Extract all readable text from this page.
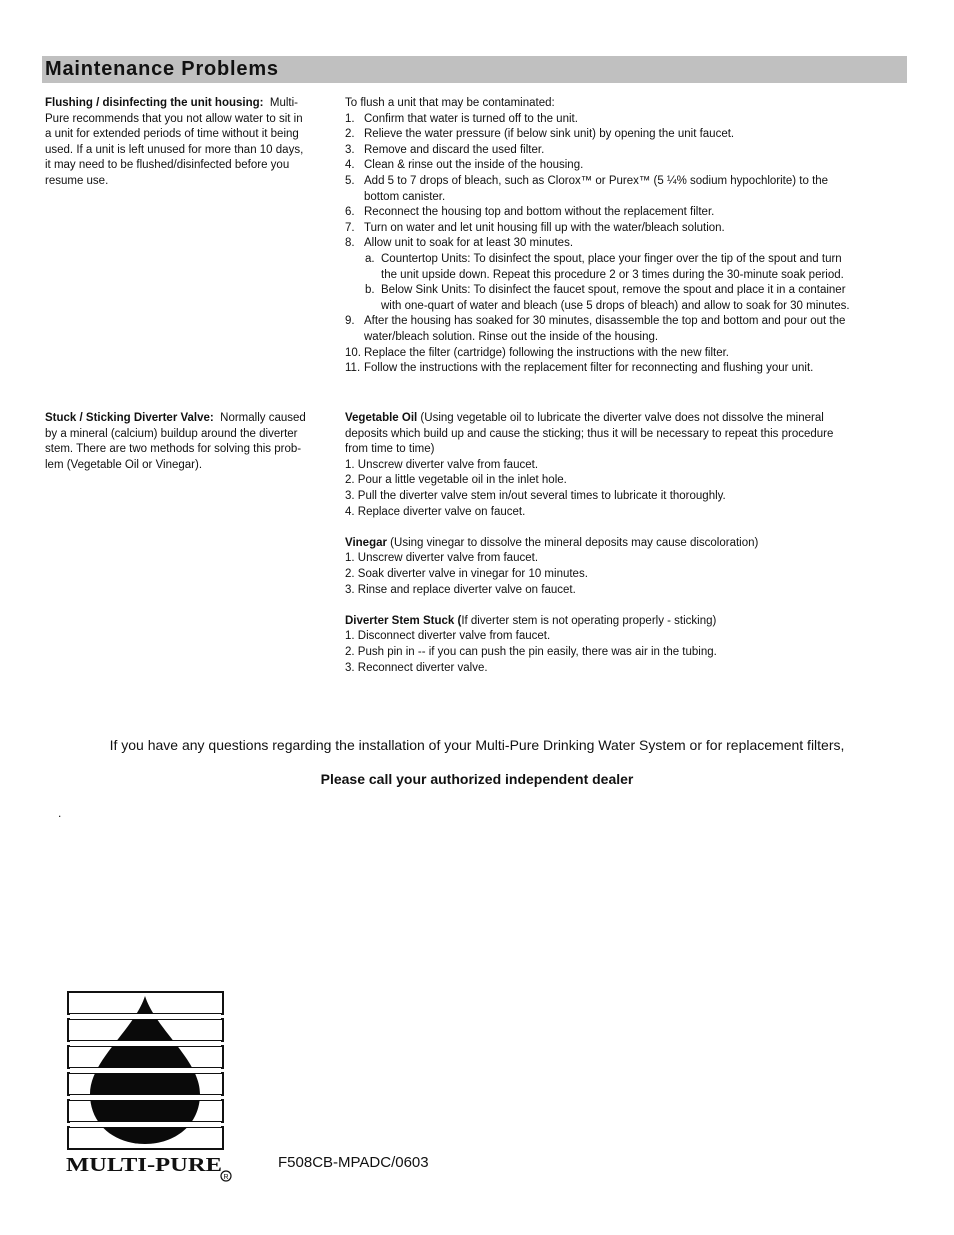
Maintenance Problems
Flushing / disinfecting the unit housing: Multi-
Pure recommends that you not allow water to sit in
a unit for extended periods of time without it being
used. If a unit is left unused for more than 10 days,
it may need to be flushed/disinfected before you
resume use.
To flush a unit that may be contaminated:
1. Confirm that water is turned off to the unit.
2. Relieve the water pressure (if below sink unit) by opening the unit faucet.
3. Remove and discard the used filter.
4. Clean & rinse out the inside of the housing.
5. Add 5 to 7 drops of bleach, such as Clorox™ or Purex™ (5 ¼% sodium hypochlorite) to the
bottom canister.
6. Reconnect the housing top and bottom without the replacement filter.
7. Turn on water and let unit housing fill up with the water/bleach solution.
8. Allow unit to soak for at least 30 minutes.
a. Countertop Units: To disinfect the spout, place your finger over the tip of the spout and turn
the unit upside down. Repeat this procedure 2 or 3 times during the 30-minute soak period.
b. Below Sink Units: To disinfect the faucet spout, remove the spout and place it in a container
with one-quart of water and bleach (use 5 drops of bleach) and allow to soak for 30 minutes.
9. After the housing has soaked for 30 minutes, disassemble the top and bottom and pour out the
water/bleach solution. Rinse out the inside of the housing.
10. Replace the filter (cartridge) following the instructions with the new filter.
11. Follow the instructions with the replacement filter for reconnecting and flushing your unit.
Stuck / Sticking Diverter Valve: Normally caused
by a mineral (calcium) buildup around the diverter
stem. There are two methods for solving this prob-
lem (Vegetable Oil or Vinegar).
Vegetable Oil (Using vegetable oil to lubricate the diverter valve does not dissolve the mineral
deposits which build up and cause the sticking; thus it will be necessary to repeat this procedure
from time to time)
1. Unscrew diverter valve from faucet.
2. Pour a little vegetable oil in the inlet hole.
3. Pull the diverter valve stem in/out several times to lubricate it thoroughly.
4. Replace diverter valve on faucet.
Vinegar (Using vinegar to dissolve the mineral deposits may cause discoloration)
1. Unscrew diverter valve from faucet.
2. Soak diverter valve in vinegar for 10 minutes.
3. Rinse and replace diverter valve on faucet.
Diverter Stem Stuck (If diverter stem is not operating properly - sticking)
1. Disconnect diverter valve from faucet.
2. Push pin in -- if you can push the pin easily, there was air in the tubing.
3. Reconnect diverter valve.
If you have any questions regarding the installation of your Multi-Pure Drinking Water System or for replacement filters,
Please call your authorized independent dealer
.
MULTI-PURE
R
F508CB-MPADC/0603
